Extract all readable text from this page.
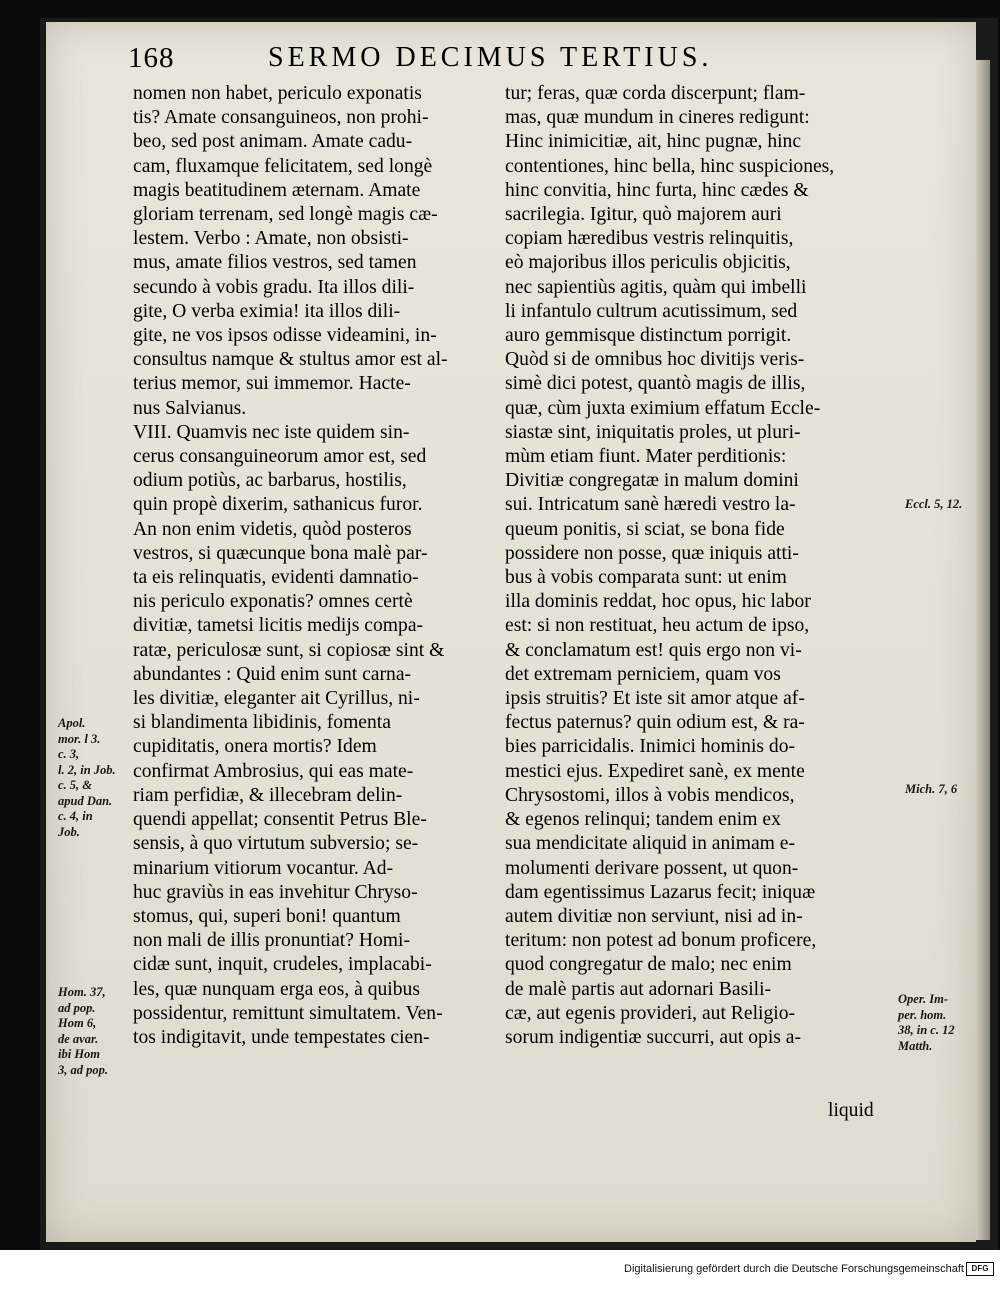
168	SERMO DECIMUS TERTIUS.
nomen non habet, periculo exponatis
tis? Amate consanguineos, non prohi-
beo, sed post animam. Amate cadu-
cam, fluxamque felicitatem, sed longè
magis beatitudinem æternam. Amate
gloriam terrenam, sed longè magis cæ-
lestem. Verbo : Amate, non obsisti-
mus, amate filios vestros, sed tamen
secundo à vobis gradu. Ita illos dili-
gite, O verba eximia! ita illos dili-
gite, ne vos ipsos odisse videamini, in-
consultus namque & stultus amor est al-
terius memor, sui immemor. Hacte-
nus Salvianus.
VIII. Quamvis nec iste quidem sin-
cerus consanguineorum amor est, sed
odium potiùs, ac barbarus, hostilis,
quin propè dixerim, sathanicus furor.
An non enim videtis, quòd posteros
vestros, si quæcunque bona malè par-
ta eis relinquatis, evidenti damnatio-
nis periculo exponatis? omnes certè
divitiæ, tametsi licitis medijs compa-
ratæ, periculosæ sunt, si copiosæ sint &
abundantes : Quid enim sunt carna-
les divitiæ, eleganter ait Cyrillus, ni-
si blandimenta libidinis, fomenta
cupiditatis, onera mortis? Idem
confirmat Ambrosius, qui eas mate-
riam perfidiæ, & illecebram delin-
quendi appellat; consentit Petrus Ble-
sensis, à quo virtutum subversio; se-
minarium vitiorum vocantur. Ad-
huc graviùs in eas invehitur Chryso-
stomus, qui, superi boni! quantum
non mali de illis pronuntiat? Homi-
cidæ sunt, inquit, crudeles, implacabi-
les, quæ nunquam erga eos, à quibus
possidentur, remittunt simultatem. Ven-
tos indigitavit, unde tempestates cien-
tur; feras, quæ corda discerpunt; flam-
mas, quæ mundum in cineres redigunt:
Hinc inimicitiæ, ait, hinc pugnæ, hinc
contentiones, hinc bella, hinc suspiciones,
hinc convitia, hinc furta, hinc cædes &
sacrilegia. Igitur, quò majorem auri
copiam hæredibus vestris relinquitis,
eò majoribus illos periculis objicitis,
nec sapientiùs agitis, quàm qui imbelli
li infantulo cultrum acutissimum, sed
auro gemmisque distinctum porrigit.
Quòd si de omnibus hoc divitijs veris-
simè dici potest, quantò magis de illis,
quæ, cùm juxta eximium effatum Eccle-
siastæ sint, iniquitatis proles, ut pluri-
mùm etiam fiunt. Mater perditionis:
Divitiæ congregatæ in malum domini
sui. Intricatum sanè hæredi vestro la-
queum ponitis, si sciat, se bona fide
possidere non posse, quæ iniquis atti-
bus à vobis comparata sunt: ut enim
illa dominis reddat, hoc opus, hic labor
est: si non restituat, heu actum de ipso,
& conclamatum est! quis ergo non vi-
det extremam perniciem, quam vos
ipsis struitis? Et iste sit amor atque af-
fectus paternus? quin odium est, & ra-
bies parricidalis. Inimici hominis do-
mestici ejus. Expediret sanè, ex mente
Chrysostomi, illos à vobis mendicos,
& egenos relinqui; tandem enim ex
sua mendicitate aliquid in animam e-
molumenti derivare possent, ut quon-
dam egentissimus Lazarus fecit; iniquæ
autem divitiæ non serviunt, nisi ad in-
teritum: non potest ad bonum proficere,
quod congregatur de malo; nec enim
de malè partis aut adornari Basili-
cæ, aut egenis provideri, aut Religio-
sorum indigentiæ succurri, aut opis a-
Apol.
mor. l 3.
c. 3,
l. 2, in Job.
c. 5, &
apud Dan.
c. 4, in
Job.
Hom. 37,
ad pop.
Hom 6,
de avar.
ibi Hom
3, ad pop.
Eccl. 5, 12.
Mich. 7, 6
Oper. Im-
per. hom.
38, in c. 12
Matth.
liquid
Digitalisierung gefördert durch die Deutsche Forschungsgemeinschaft DFG
